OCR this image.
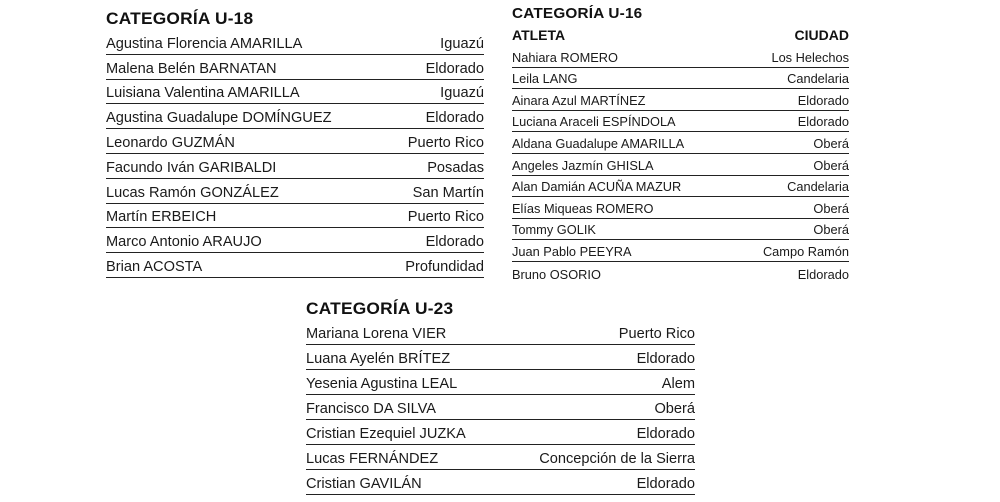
CATEGORÍA U-18
Agustina Florencia AMARILLA	Iguazú
Malena Belén BARNATAN	Eldorado
Luisiana Valentina AMARILLA	Iguazú
Agustina Guadalupe DOMÍNGUEZ	Eldorado
Leonardo GUZMÁN	Puerto Rico
Facundo Iván GARIBALDI	Posadas
Lucas Ramón GONZÁLEZ	San Martín
Martín ERBEICH	Puerto Rico
Marco Antonio ARAUJO	Eldorado
Brian ACOSTA	Profundidad
CATEGORÍA U-16
ATLETA	CIUDAD
Nahiara ROMERO	Los Helechos
Leila LANG	Candelaria
Ainara Azul MARTÍNEZ	Eldorado
Luciana Araceli ESPÍNDOLA	Eldorado
Aldana Guadalupe AMARILLA	Oberá
Angeles Jazmín GHISLA	Oberá
Alan Damián ACUÑA MAZUR	Candelaria
Elías Miqueas ROMERO	Oberá
Tommy GOLIK	Oberá
Juan Pablo PEEYRA	Campo Ramón
Bruno OSORIO	Eldorado
CATEGORÍA U-23
Mariana Lorena VIER	Puerto Rico
Luana Ayelén BRÍTEZ	Eldorado
Yesenia Agustina LEAL	Alem
Francisco DA SILVA	Oberá
Cristian Ezequiel JUZKA	Eldorado
Lucas FERNÁNDEZ	Concepción de la Sierra
Cristian GAVILÁN	Eldorado
